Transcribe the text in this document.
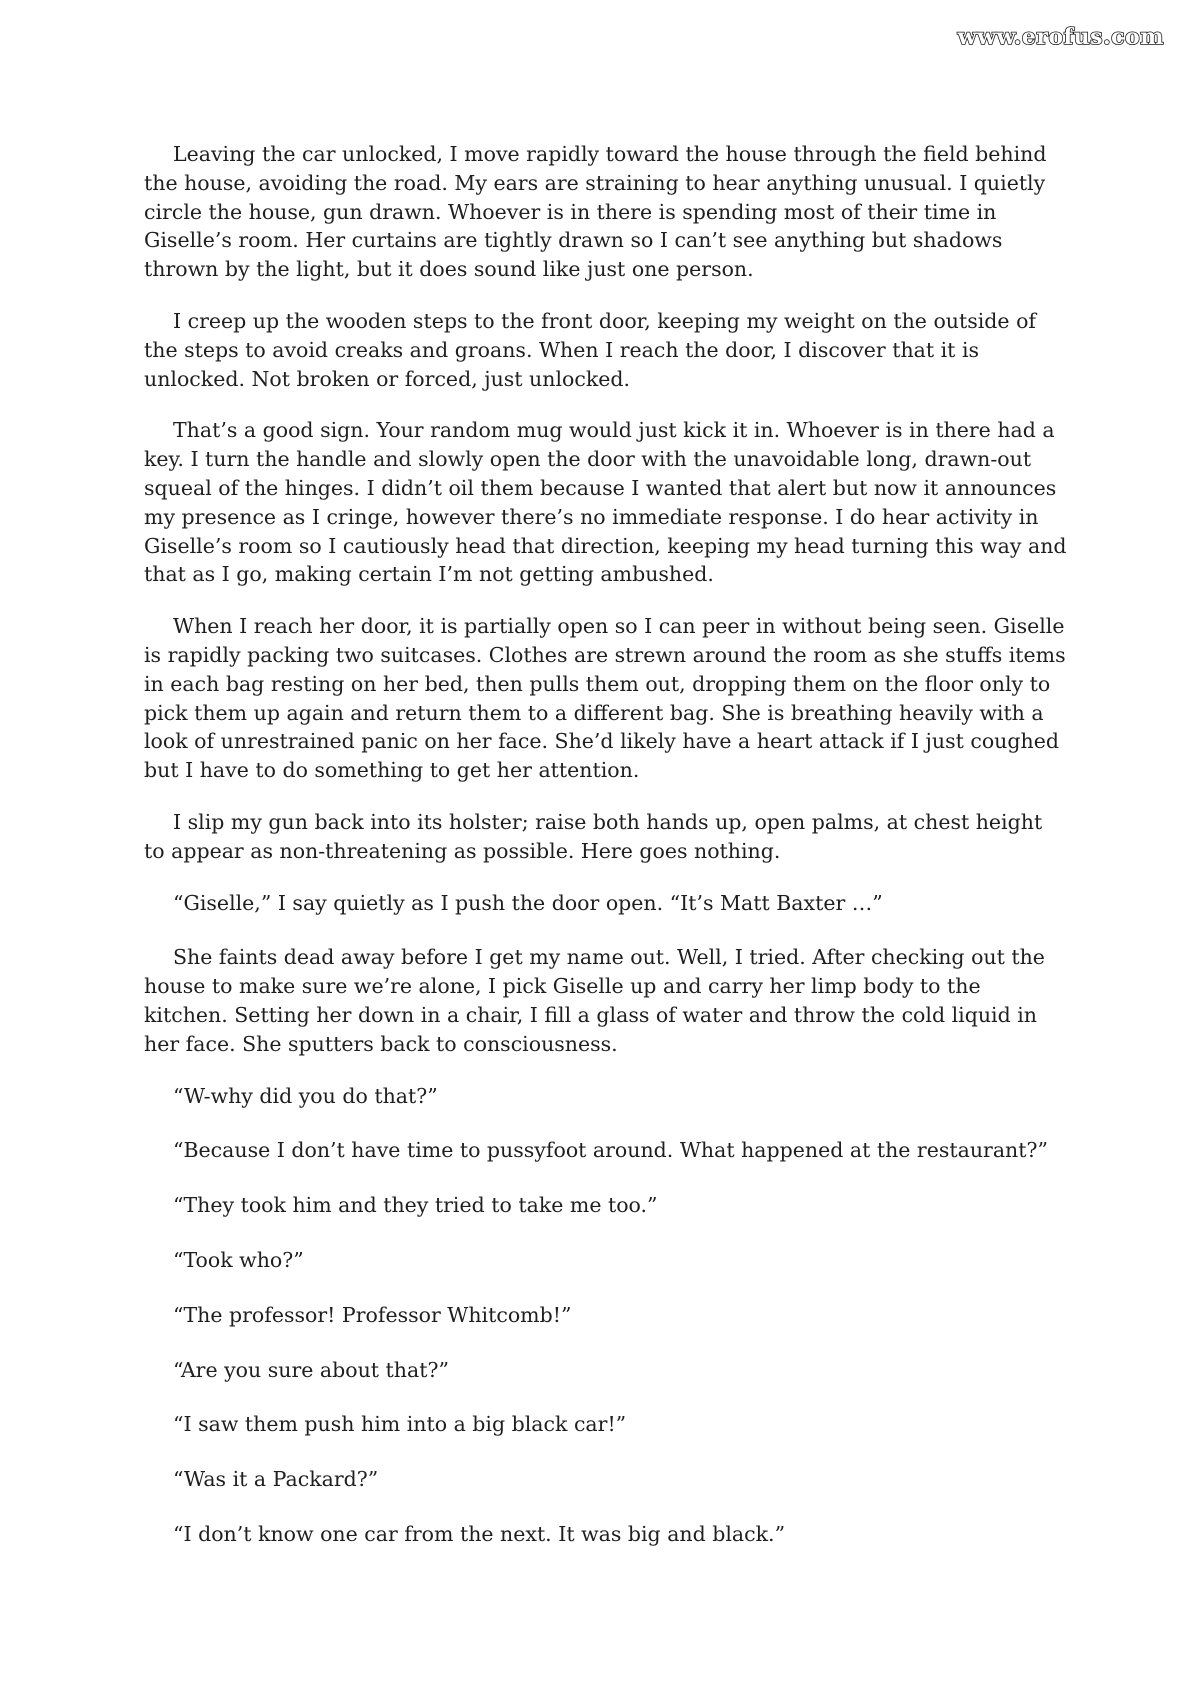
www.erofus.com

Leaving the car unlocked, I move rapidly toward the house through the field behind the house, avoiding the road. My ears are straining to hear anything unusual. I quietly circle the house, gun drawn. Whoever is in there is spending most of their time in Giselle’s room. Her curtains are tightly drawn so I can’t see anything but shadows thrown by the light, but it does sound like just one person.

I creep up the wooden steps to the front door, keeping my weight on the outside of the steps to avoid creaks and groans. When I reach the door, I discover that it is unlocked. Not broken or forced, just unlocked.

That’s a good sign. Your random mug would just kick it in. Whoever is in there had a key. I turn the handle and slowly open the door with the unavoidable long, drawn-out squeal of the hinges. I didn’t oil them because I wanted that alert but now it announces my presence as I cringe, however there’s no immediate response. I do hear activity in Giselle’s room so I cautiously head that direction, keeping my head turning this way and that as I go, making certain I’m not getting ambushed.

When I reach her door, it is partially open so I can peer in without being seen. Giselle is rapidly packing two suitcases. Clothes are strewn around the room as she stuffs items in each bag resting on her bed, then pulls them out, dropping them on the floor only to pick them up again and return them to a different bag. She is breathing heavily with a look of unrestrained panic on her face. She’d likely have a heart attack if I just coughed but I have to do something to get her attention.

I slip my gun back into its holster; raise both hands up, open palms, at chest height to appear as non-threatening as possible. Here goes nothing.

“Giselle,” I say quietly as I push the door open. “It’s Matt Baxter …”

She faints dead away before I get my name out. Well, I tried. After checking out the house to make sure we’re alone, I pick Giselle up and carry her limp body to the kitchen. Setting her down in a chair, I fill a glass of water and throw the cold liquid in her face. She sputters back to consciousness.

“W-why did you do that?”

“Because I don’t have time to pussyfoot around. What happened at the restaurant?”

“They took him and they tried to take me too.”

“Took who?”

“The professor! Professor Whitcomb!”

“Are you sure about that?”

“I saw them push him into a big black car!”

“Was it a Packard?”

“I don’t know one car from the next. It was big and black.”
